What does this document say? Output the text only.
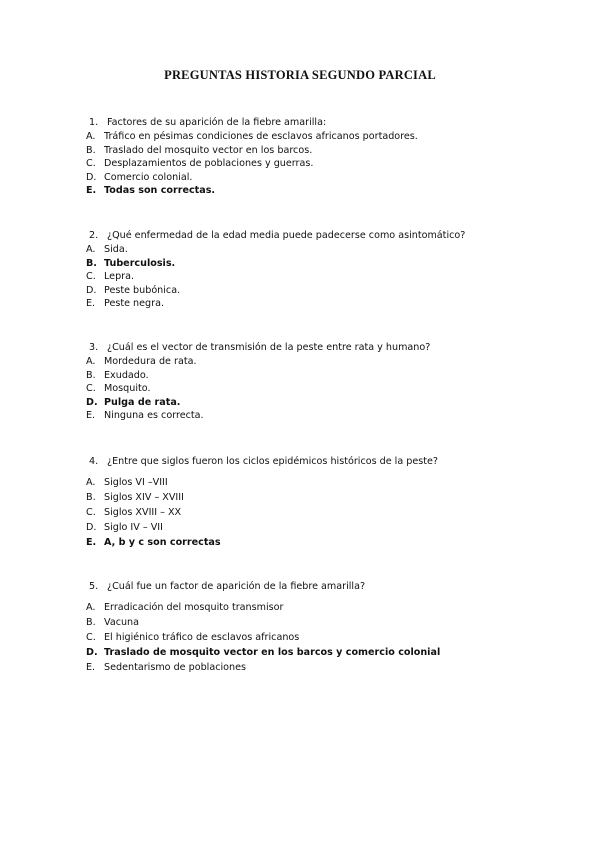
PREGUNTAS HISTORIA SEGUNDO PARCIAL
1. Factores de su aparición de la fiebre amarilla:
A. Tráfico en pésimas condiciones de esclavos africanos portadores.
B. Traslado del mosquito vector en los barcos.
C. Desplazamientos de poblaciones y guerras.
D. Comercio colonial.
E. Todas son correctas.
2. ¿Qué enfermedad de la edad media puede padecerse como asintomático?
A. Sida.
B. Tuberculosis.
C. Lepra.
D. Peste bubónica.
E. Peste negra.
3. ¿Cuál es el vector de transmisión de la peste entre rata y humano?
A. Mordedura de rata.
B. Exudado.
C. Mosquito.
D. Pulga de rata.
E. Ninguna es correcta.
4. ¿Entre que siglos fueron los ciclos epidémicos históricos de la peste?
A. Siglos VI –VIII
B. Siglos XIV – XVIII
C. Siglos XVIII – XX
D. Siglo IV – VII
E. A, b y c son correctas
5. ¿Cuál fue un factor de aparición de la fiebre amarilla?
A. Erradicación del mosquito transmisor
B. Vacuna
C. El higiénico tráfico de esclavos africanos
D. Traslado de mosquito vector en los barcos y comercio colonial
E. Sedentarismo de poblaciones
